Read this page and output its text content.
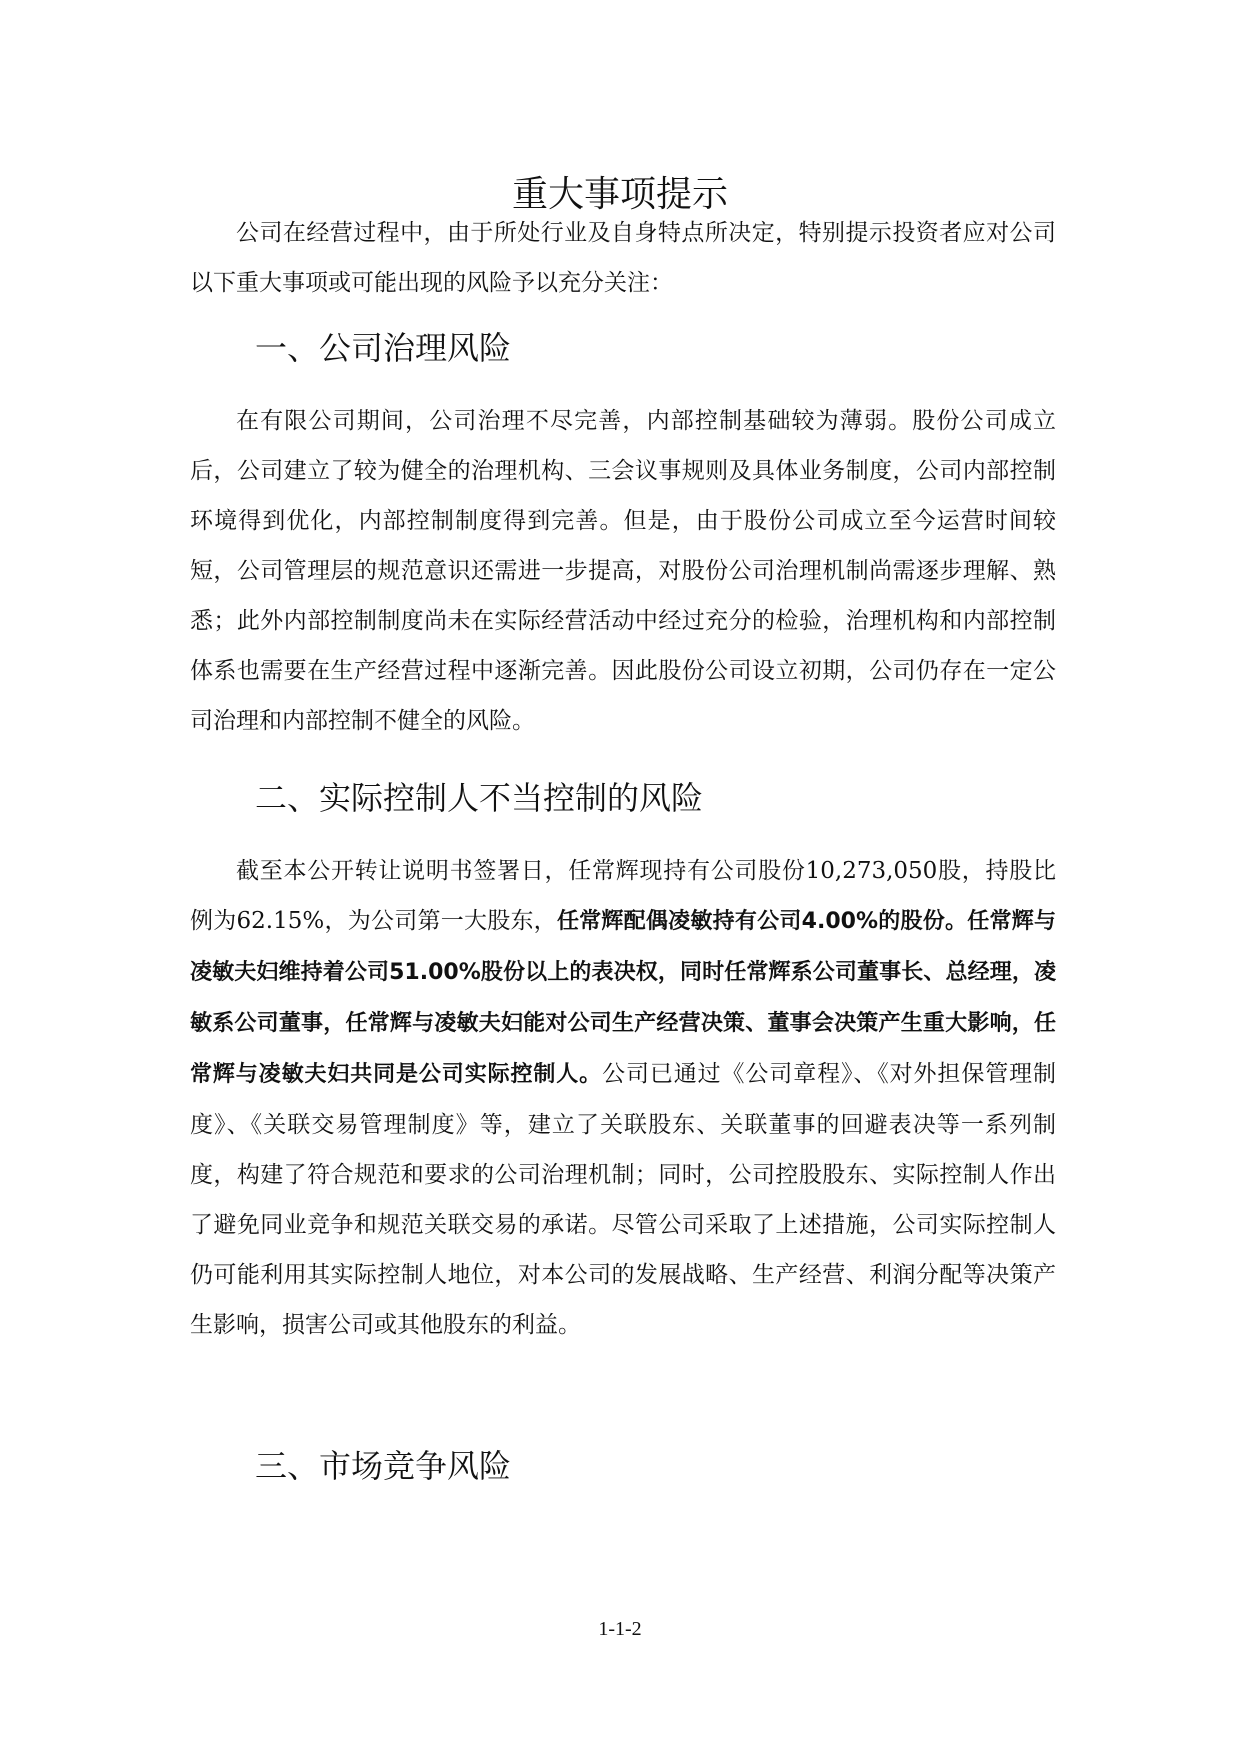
重大事项提示

公司在经营过程中，由于所处行业及自身特点所决定，特别提示投资者应对公司以下重大事项或可能出现的风险予以充分关注：

一、公司治理风险

在有限公司期间，公司治理不尽完善，内部控制基础较为薄弱。股份公司成立后，公司建立了较为健全的治理机构、三会议事规则及具体业务制度，公司内部控制环境得到优化，内部控制制度得到完善。但是，由于股份公司成立至今运营时间较短，公司管理层的规范意识还需进一步提高，对股份公司治理机制尚需逐步理解、熟悉；此外内部控制制度尚未在实际经营活动中经过充分的检验，治理机构和内部控制体系也需要在生产经营过程中逐渐完善。因此股份公司设立初期，公司仍存在一定公司治理和内部控制不健全的风险。

二、实际控制人不当控制的风险

截至本公开转让说明书签署日，任常辉现持有公司股份10,273,050股，持股比例为62.15%，为公司第一大股东，任常辉配偶凌敏持有公司4.00%的股份。任常辉与凌敏夫妇维持着公司51.00%股份以上的表决权，同时任常辉系公司董事长、总经理，凌敏系公司董事，任常辉与凌敏夫妇能对公司生产经营决策、董事会决策产生重大影响，任常辉与凌敏夫妇共同是公司实际控制人。公司已通过《公司章程》、《对外担保管理制度》、《关联交易管理制度》等，建立了关联股东、关联董事的回避表决等一系列制度，构建了符合规范和要求的公司治理机制；同时，公司控股股东、实际控制人作出了避免同业竞争和规范关联交易的承诺。尽管公司采取了上述措施，公司实际控制人仍可能利用其实际控制人地位，对本公司的发展战略、生产经营、利润分配等决策产生影响，损害公司或其他股东的利益。

三、市场竞争风险
1-1-2
